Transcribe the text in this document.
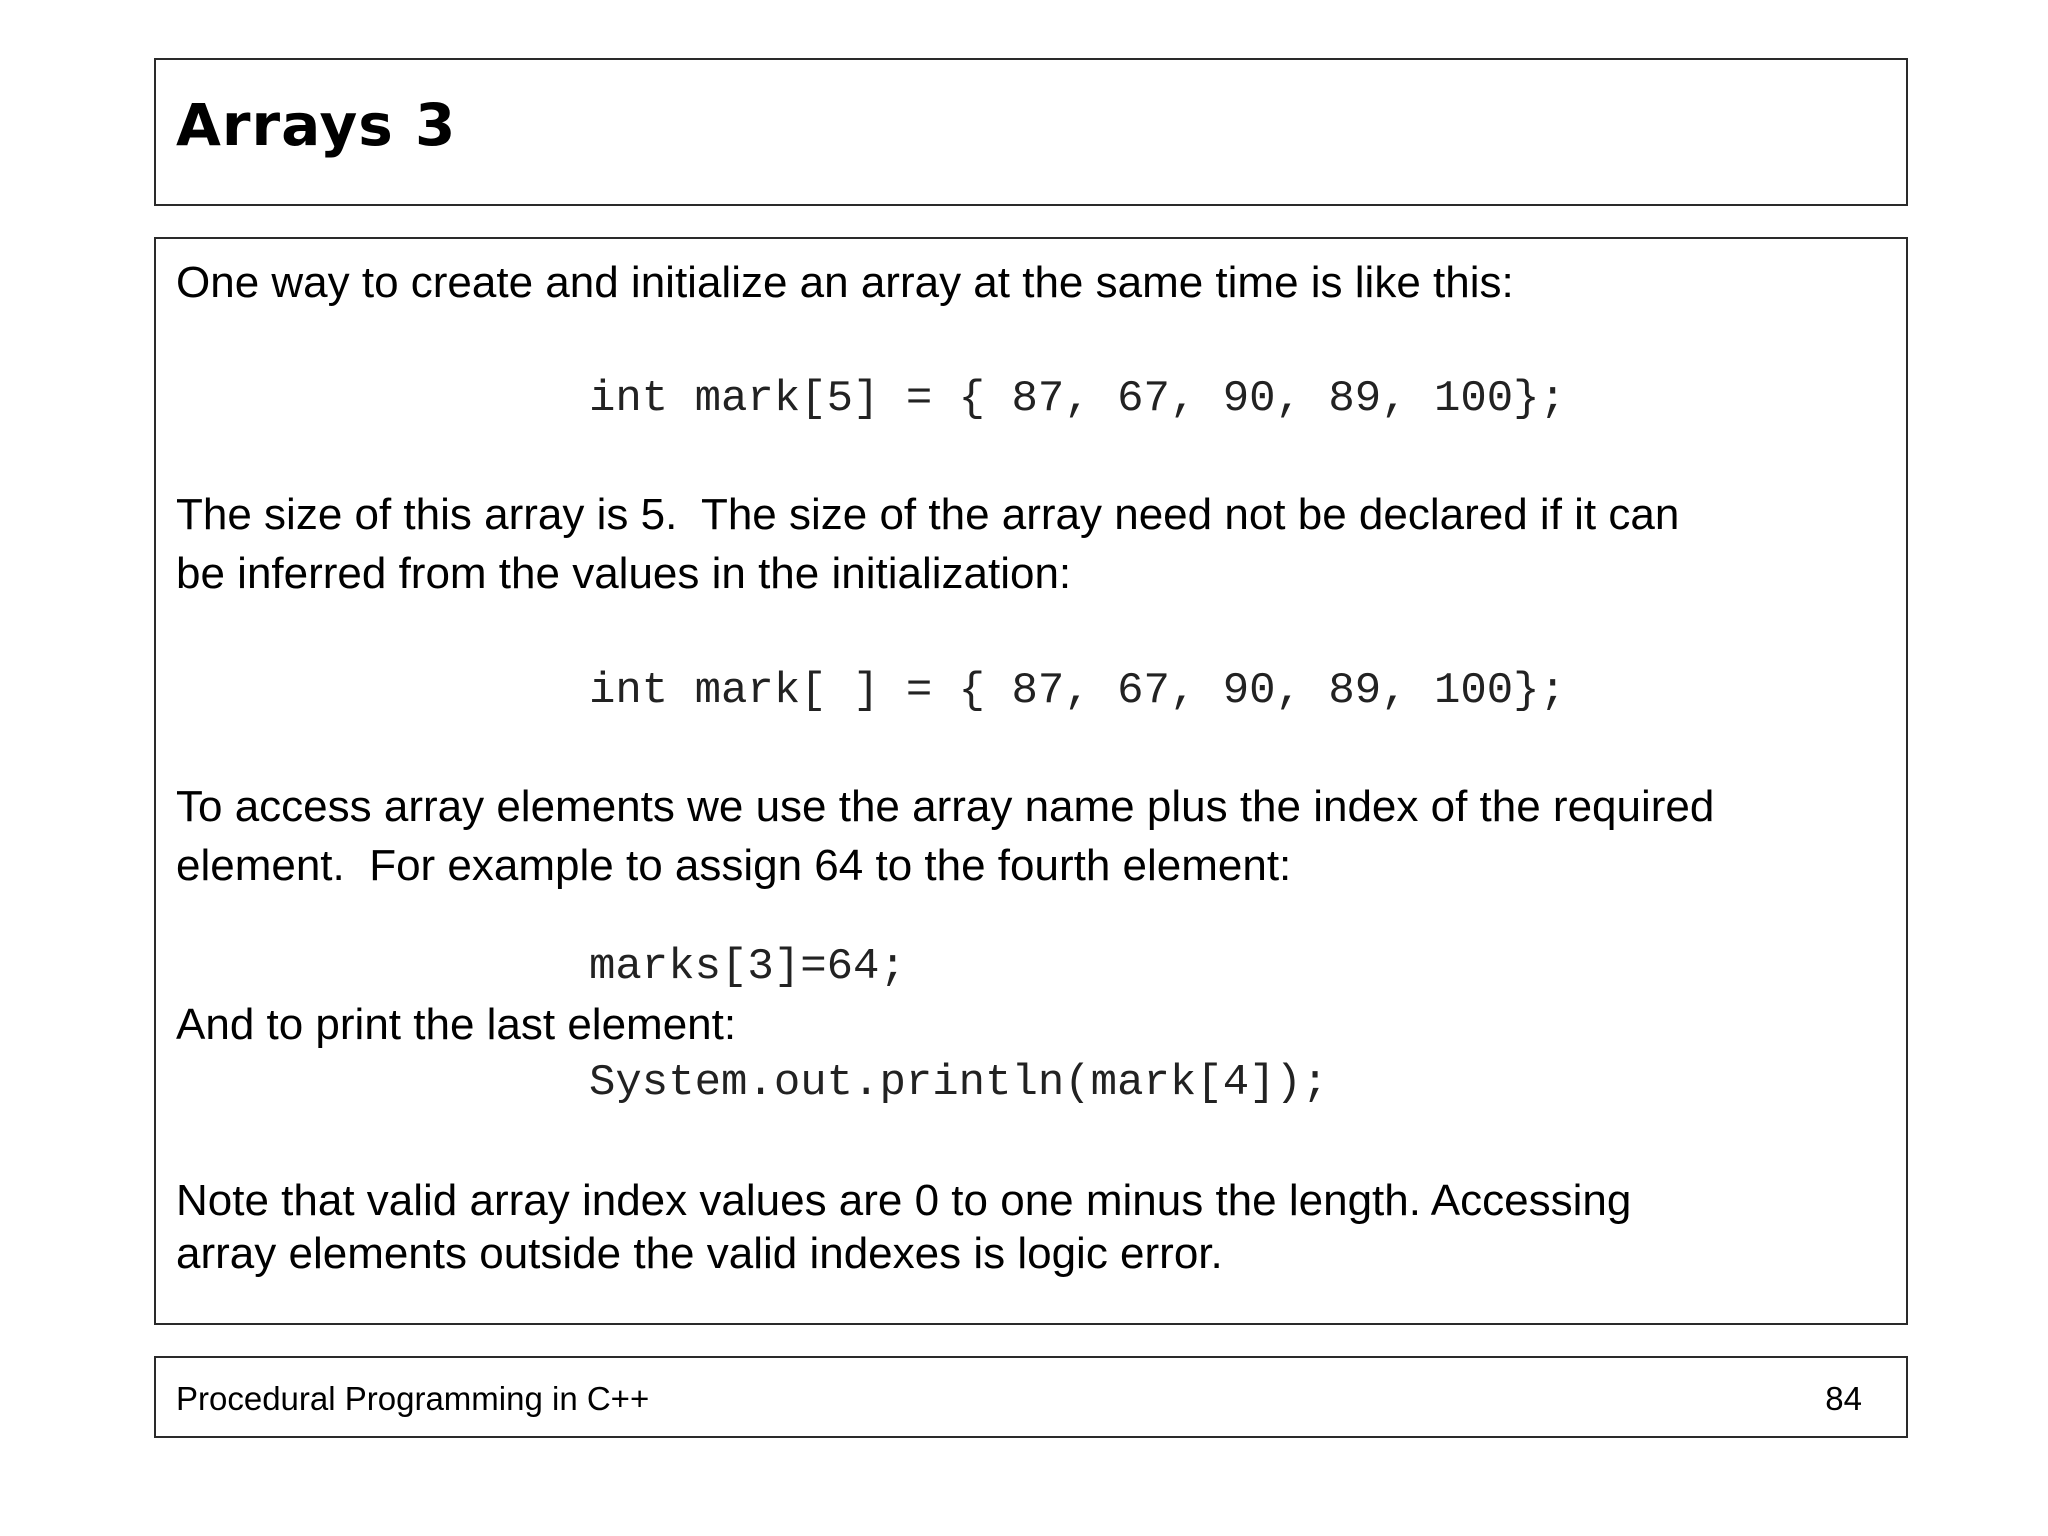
Arrays 3

One way to create and initialize an array at the same time is like this:

int mark[5] = { 87, 67, 90, 89, 100};

The size of this array is 5.  The size of the array need not be declared if it can

be inferred from the values in the initialization:

int mark[ ] = { 87, 67, 90, 89, 100};

To access array elements we use the array name plus the index of the required

element.  For example to assign 64 to the fourth element:

marks[3]=64;

And to print the last element:

System.out.println(mark[4]);

Note that valid array index values are 0 to one minus the length. Accessing

array elements outside the valid indexes is logic error.

Procedural Programming in C++	84
